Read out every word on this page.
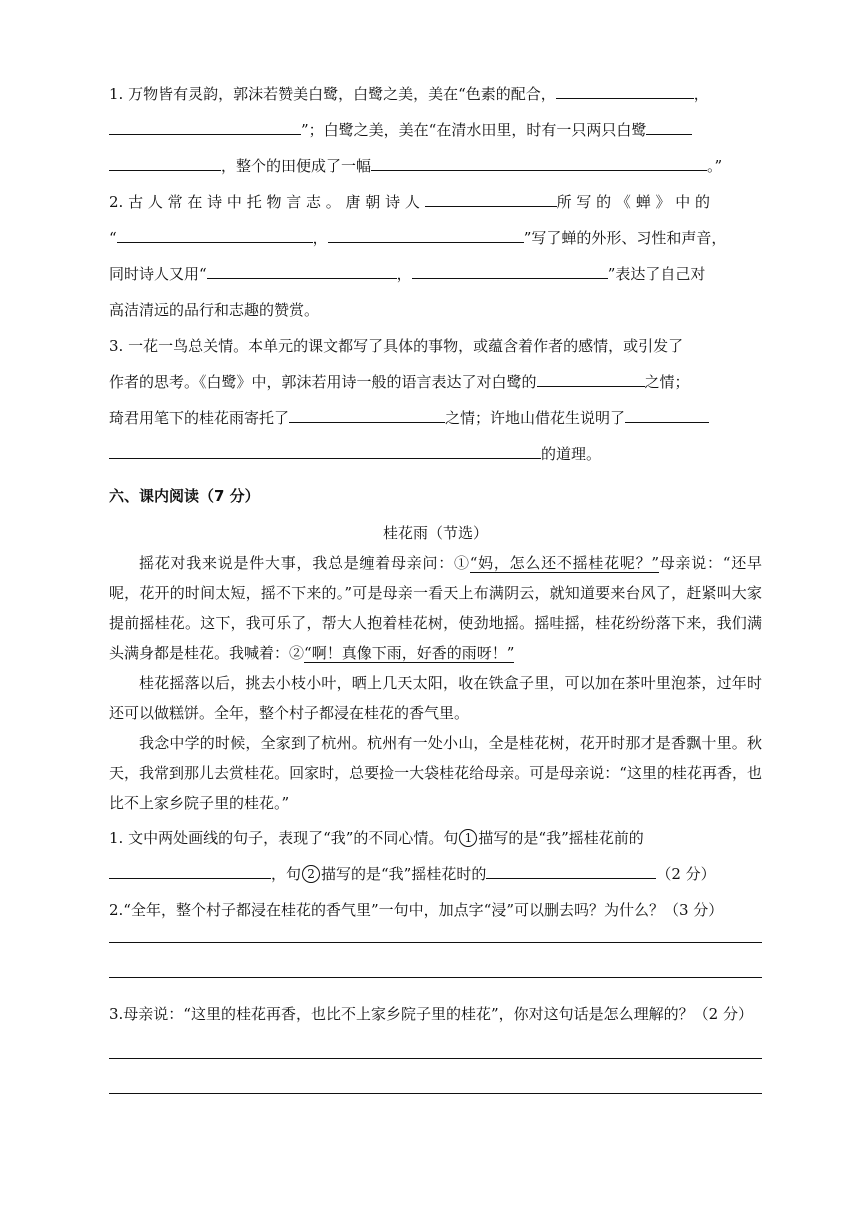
1. 万物皆有灵韵，郭沫若赞美白鹭，白鹭之美，美在“色素的配合，	，
”；白鹭之美，美在“在清水田里，时有一只两只白鹭
，整个的田便成了一幅	。”

2. 古 人 常 在 诗 中 托 物 言 志 。 唐 朝 诗 人	所 写 的 《 蝉 》 中 的
“	，	”写了蝉的外形、习性和声音，
同时诗人又用“	，	”表达了自己对
高洁清远的品行和志趣的赞赏。

3. 一花一鸟总关情。本单元的课文都写了具体的事物，或蕴含着作者的感情，或引发了
作者的思考。《白鹭》中，郭沫若用诗一般的语言表达了对白鹭的	之情；
琦君用笔下的桂花雨寄托了	之情；许地山借花生说明了
的道理。

六、课内阅读（7 分）
桂花雨（节选）

摇花对我来说是件大事，我总是缠着母亲问：①“妈，怎么还不摇桂花呢？”母亲说：“还早呢，花开的时间太短，摇不下来的。”可是母亲一看天上布满阴云，就知道要来台风了，赶紧叫大家提前摇桂花。这下，我可乐了，帮大人抱着桂花树，使劲地摇。摇哇摇，桂花纷纷落下来，我们满头满身都是桂花。我喊着：②“啊！真像下雨，好香的雨呀！”

桂花摇落以后，挑去小枝小叶，晒上几天太阳，收在铁盒子里，可以加在茶叶里泡茶，过年时还可以做糕饼。全年，整个村子都浸 ·在桂花的香气里。

我念中学的时候，全家到了杭州。杭州有一处小山，全是桂花树，花开时那才是香飘十里。秋天，我常到那儿去赏桂花。回家时，总要捡一大袋桂花给母亲。可是母亲说：“这里的桂花再香，也比不上家乡院子里的桂花。”

1. 文中两处画线的句子，表现了“我”的不同心情。句 1 描写的是“我”摇桂花前的
，句 2 描写的是“我”摇桂花时的	（2 分）

2.“全年，整个村子都浸在桂花的香气里”一句中，加点字“浸”可以删去吗？为什么？（3 分）

3.母亲说：“这里的桂花再香，也比不上家乡院子里的桂花”，你对这句话是怎么理解的？（2 分）
